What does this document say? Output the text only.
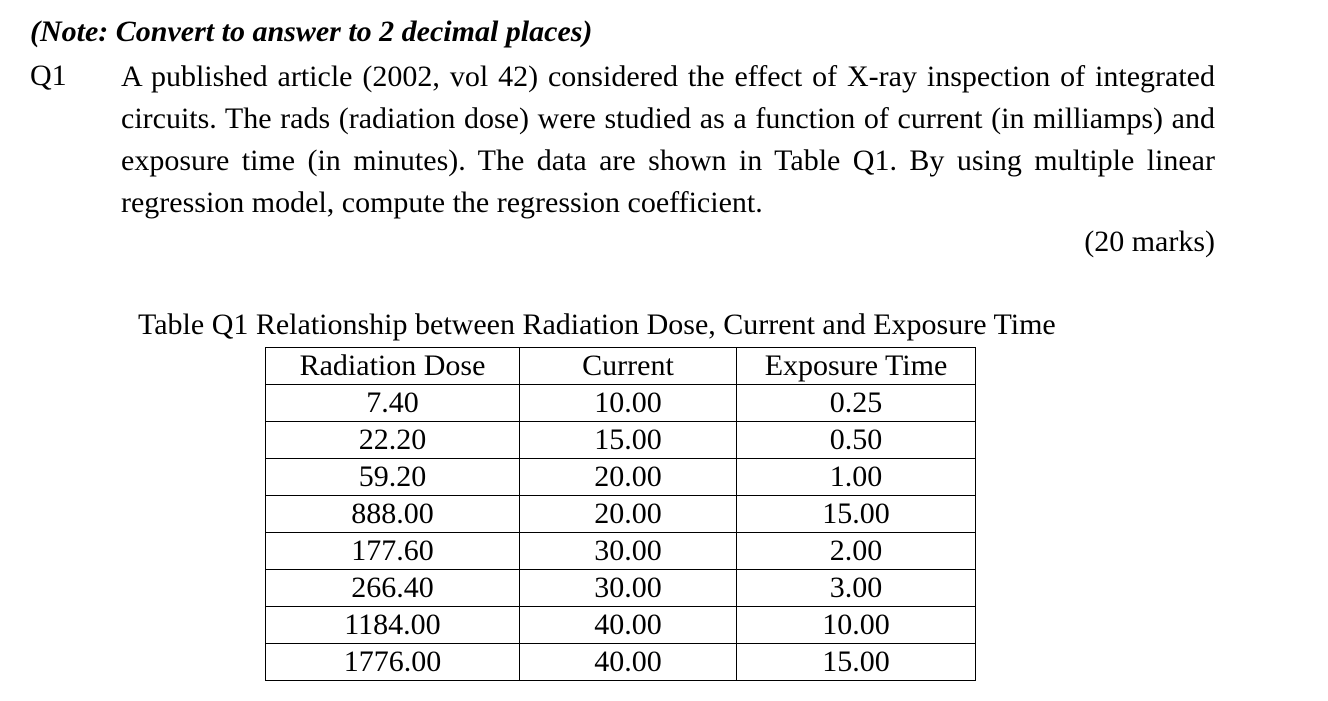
(Note: Convert to answer to 2 decimal places)
Q1 A published article (2002, vol 42) considered the effect of X-ray inspection of integrated circuits. The rads (radiation dose) were studied as a function of current (in milliamps) and exposure time (in minutes). The data are shown in Table Q1. By using multiple linear regression model, compute the regression coefficient.
(20 marks)
Table Q1 Relationship between Radiation Dose, Current and Exposure Time
Radiation Dose	Current	Exposure Time
7.40	10.00	0.25
22.20	15.00	0.50
59.20	20.00	1.00
888.00	20.00	15.00
177.60	30.00	2.00
266.40	30.00	3.00
1184.00	40.00	10.00
1776.00	40.00	15.00
